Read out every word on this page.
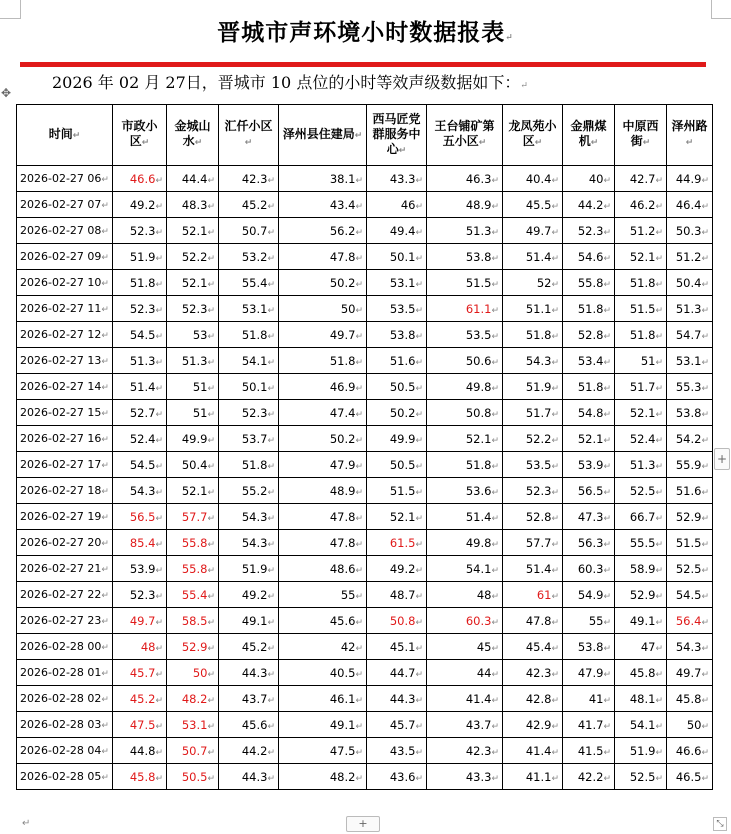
晋城市声环境小时数据报表↵
2026 年 02 月 27日，晋城市 10 点位的小时等效声级数据如下：↵
✥
时间↵	市政小区↵	金城山水↵	汇仟小区↵	泽州县住建局↵	西马匠党群服务中心↵	王台铺矿第五小区↵	龙凤苑小区↵	金鼎煤机↵	中原西街↵	泽州路↵
2026-02-27 06↵	46.6↵	44.4↵	42.3↵	38.1↵	43.3↵	46.3↵	40.4↵	40↵	42.7↵	44.9↵
2026-02-27 07↵	49.2↵	48.3↵	45.2↵	43.4↵	46↵	48.9↵	45.5↵	44.2↵	46.2↵	46.4↵
2026-02-27 08↵	52.3↵	52.1↵	50.7↵	56.2↵	49.4↵	51.3↵	49.7↵	52.3↵	51.2↵	50.3↵
2026-02-27 09↵	51.9↵	52.2↵	53.2↵	47.8↵	50.1↵	53.8↵	51.4↵	54.6↵	52.1↵	51.2↵
2026-02-27 10↵	51.8↵	52.1↵	55.4↵	50.2↵	53.1↵	51.5↵	52↵	55.8↵	51.8↵	50.4↵
2026-02-27 11↵	52.3↵	52.3↵	53.1↵	50↵	53.5↵	61.1↵	51.1↵	51.8↵	51.5↵	51.3↵
2026-02-27 12↵	54.5↵	53↵	51.8↵	49.7↵	53.8↵	53.5↵	51.8↵	52.8↵	51.8↵	54.7↵
2026-02-27 13↵	51.3↵	51.3↵	54.1↵	51.8↵	51.6↵	50.6↵	54.3↵	53.4↵	51↵	53.1↵
2026-02-27 14↵	51.4↵	51↵	50.1↵	46.9↵	50.5↵	49.8↵	51.9↵	51.8↵	51.7↵	55.3↵
2026-02-27 15↵	52.7↵	51↵	52.3↵	47.4↵	50.2↵	50.8↵	51.7↵	54.8↵	52.1↵	53.8↵
2026-02-27 16↵	52.4↵	49.9↵	53.7↵	50.2↵	49.9↵	52.1↵	52.2↵	52.1↵	52.4↵	54.2↵
2026-02-27 17↵	54.5↵	50.4↵	51.8↵	47.9↵	50.5↵	51.8↵	53.5↵	53.9↵	51.3↵	55.9↵
2026-02-27 18↵	54.3↵	52.1↵	55.2↵	48.9↵	51.5↵	53.6↵	52.3↵	56.5↵	52.5↵	51.6↵
2026-02-27 19↵	56.5↵	57.7↵	54.3↵	47.8↵	52.1↵	51.4↵	52.8↵	47.3↵	66.7↵	52.9↵
2026-02-27 20↵	85.4↵	55.8↵	54.3↵	47.8↵	61.5↵	49.8↵	57.7↵	56.3↵	55.5↵	51.5↵
2026-02-27 21↵	53.9↵	55.8↵	51.9↵	48.6↵	49.2↵	54.1↵	51.4↵	60.3↵	58.9↵	52.5↵
2026-02-27 22↵	52.3↵	55.4↵	49.2↵	55↵	48.7↵	48↵	61↵	54.9↵	52.9↵	54.5↵
2026-02-27 23↵	49.7↵	58.5↵	49.1↵	45.6↵	50.8↵	60.3↵	47.8↵	55↵	49.1↵	56.4↵
2026-02-28 00↵	48↵	52.9↵	45.2↵	42↵	45.1↵	45↵	45.4↵	53.8↵	47↵	54.3↵
2026-02-28 01↵	45.7↵	50↵	44.3↵	40.5↵	44.7↵	44↵	42.3↵	47.9↵	45.8↵	49.7↵
2026-02-28 02↵	45.2↵	48.2↵	43.7↵	46.1↵	44.3↵	41.4↵	42.8↵	41↵	48.1↵	45.8↵
2026-02-28 03↵	47.5↵	53.1↵	45.6↵	49.1↵	45.7↵	43.7↵	42.9↵	41.7↵	54.1↵	50↵
2026-02-28 04↵	44.8↵	50.7↵	44.2↵	47.5↵	43.5↵	42.3↵	41.4↵	41.5↵	51.9↵	46.6↵
2026-02-28 05↵	45.8↵	50.5↵	44.3↵	48.2↵	43.6↵	43.3↵	41.1↵	42.2↵	52.5↵	46.5↵
+
↵	+	⤡
